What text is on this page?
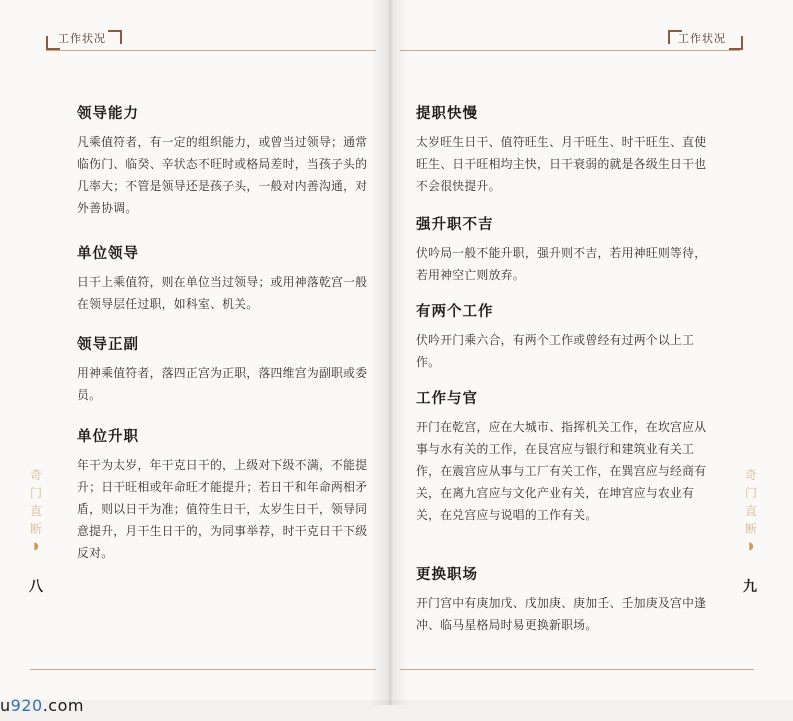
工作状况
领导能力

凡乘值符者，有一定的组织能力，或曾当过领导；通常临伤门、临癸、辛状态不旺时或格局差时，当孩子头的几率大；不管是领导还是孩子头，一般对内善沟通，对外善协调。

单位领导

日干上乘值符，则在单位当过领导；或用神落乾宫一般在领导层任过职，如科室、机关。

领导正副

用神乘值符者，落四正宫为正职，落四维宫为副职或委员。

单位升职

年干为太岁，年干克日干的，上级对下级不满，不能提升；日干旺相或年命旺才能提升；若日干和年命两相矛盾，则以日干为准；值符生日干，太岁生日干，领导同意提升，月干生日干的，为同事举荐，时干克日干下级反对。

奇
门
直
断
◗
八
工作状况
提职快慢

太岁旺生日干、值符旺生、月干旺生、时干旺生、直使旺生、日干旺相均主快，日干衰弱的就是各级生日干也不会很快提升。

强升职不吉

伏吟局一般不能升职，强升则不吉，若用神旺则等待，若用神空亡则放弃。

有两个工作

伏吟开门乘六合，有两个工作或曾经有过两个以上工作。

工作与官

开门在乾宫，应在大城市、指挥机关工作，在坎宫应从事与水有关的工作，在艮宫应与银行和建筑业有关工作，在震宫应从事与工厂有关工作，在巽宫应与经商有关，在离九宫应与文化产业有关，在坤宫应与农业有关，在兑宫应与说唱的工作有关。

更换职场

开门宫中有庚加戊、戊加庚、庚加壬、壬加庚及宫中逢冲、临马星格局时易更换新职场。

奇
门
直
断
◗
九
u920.com
